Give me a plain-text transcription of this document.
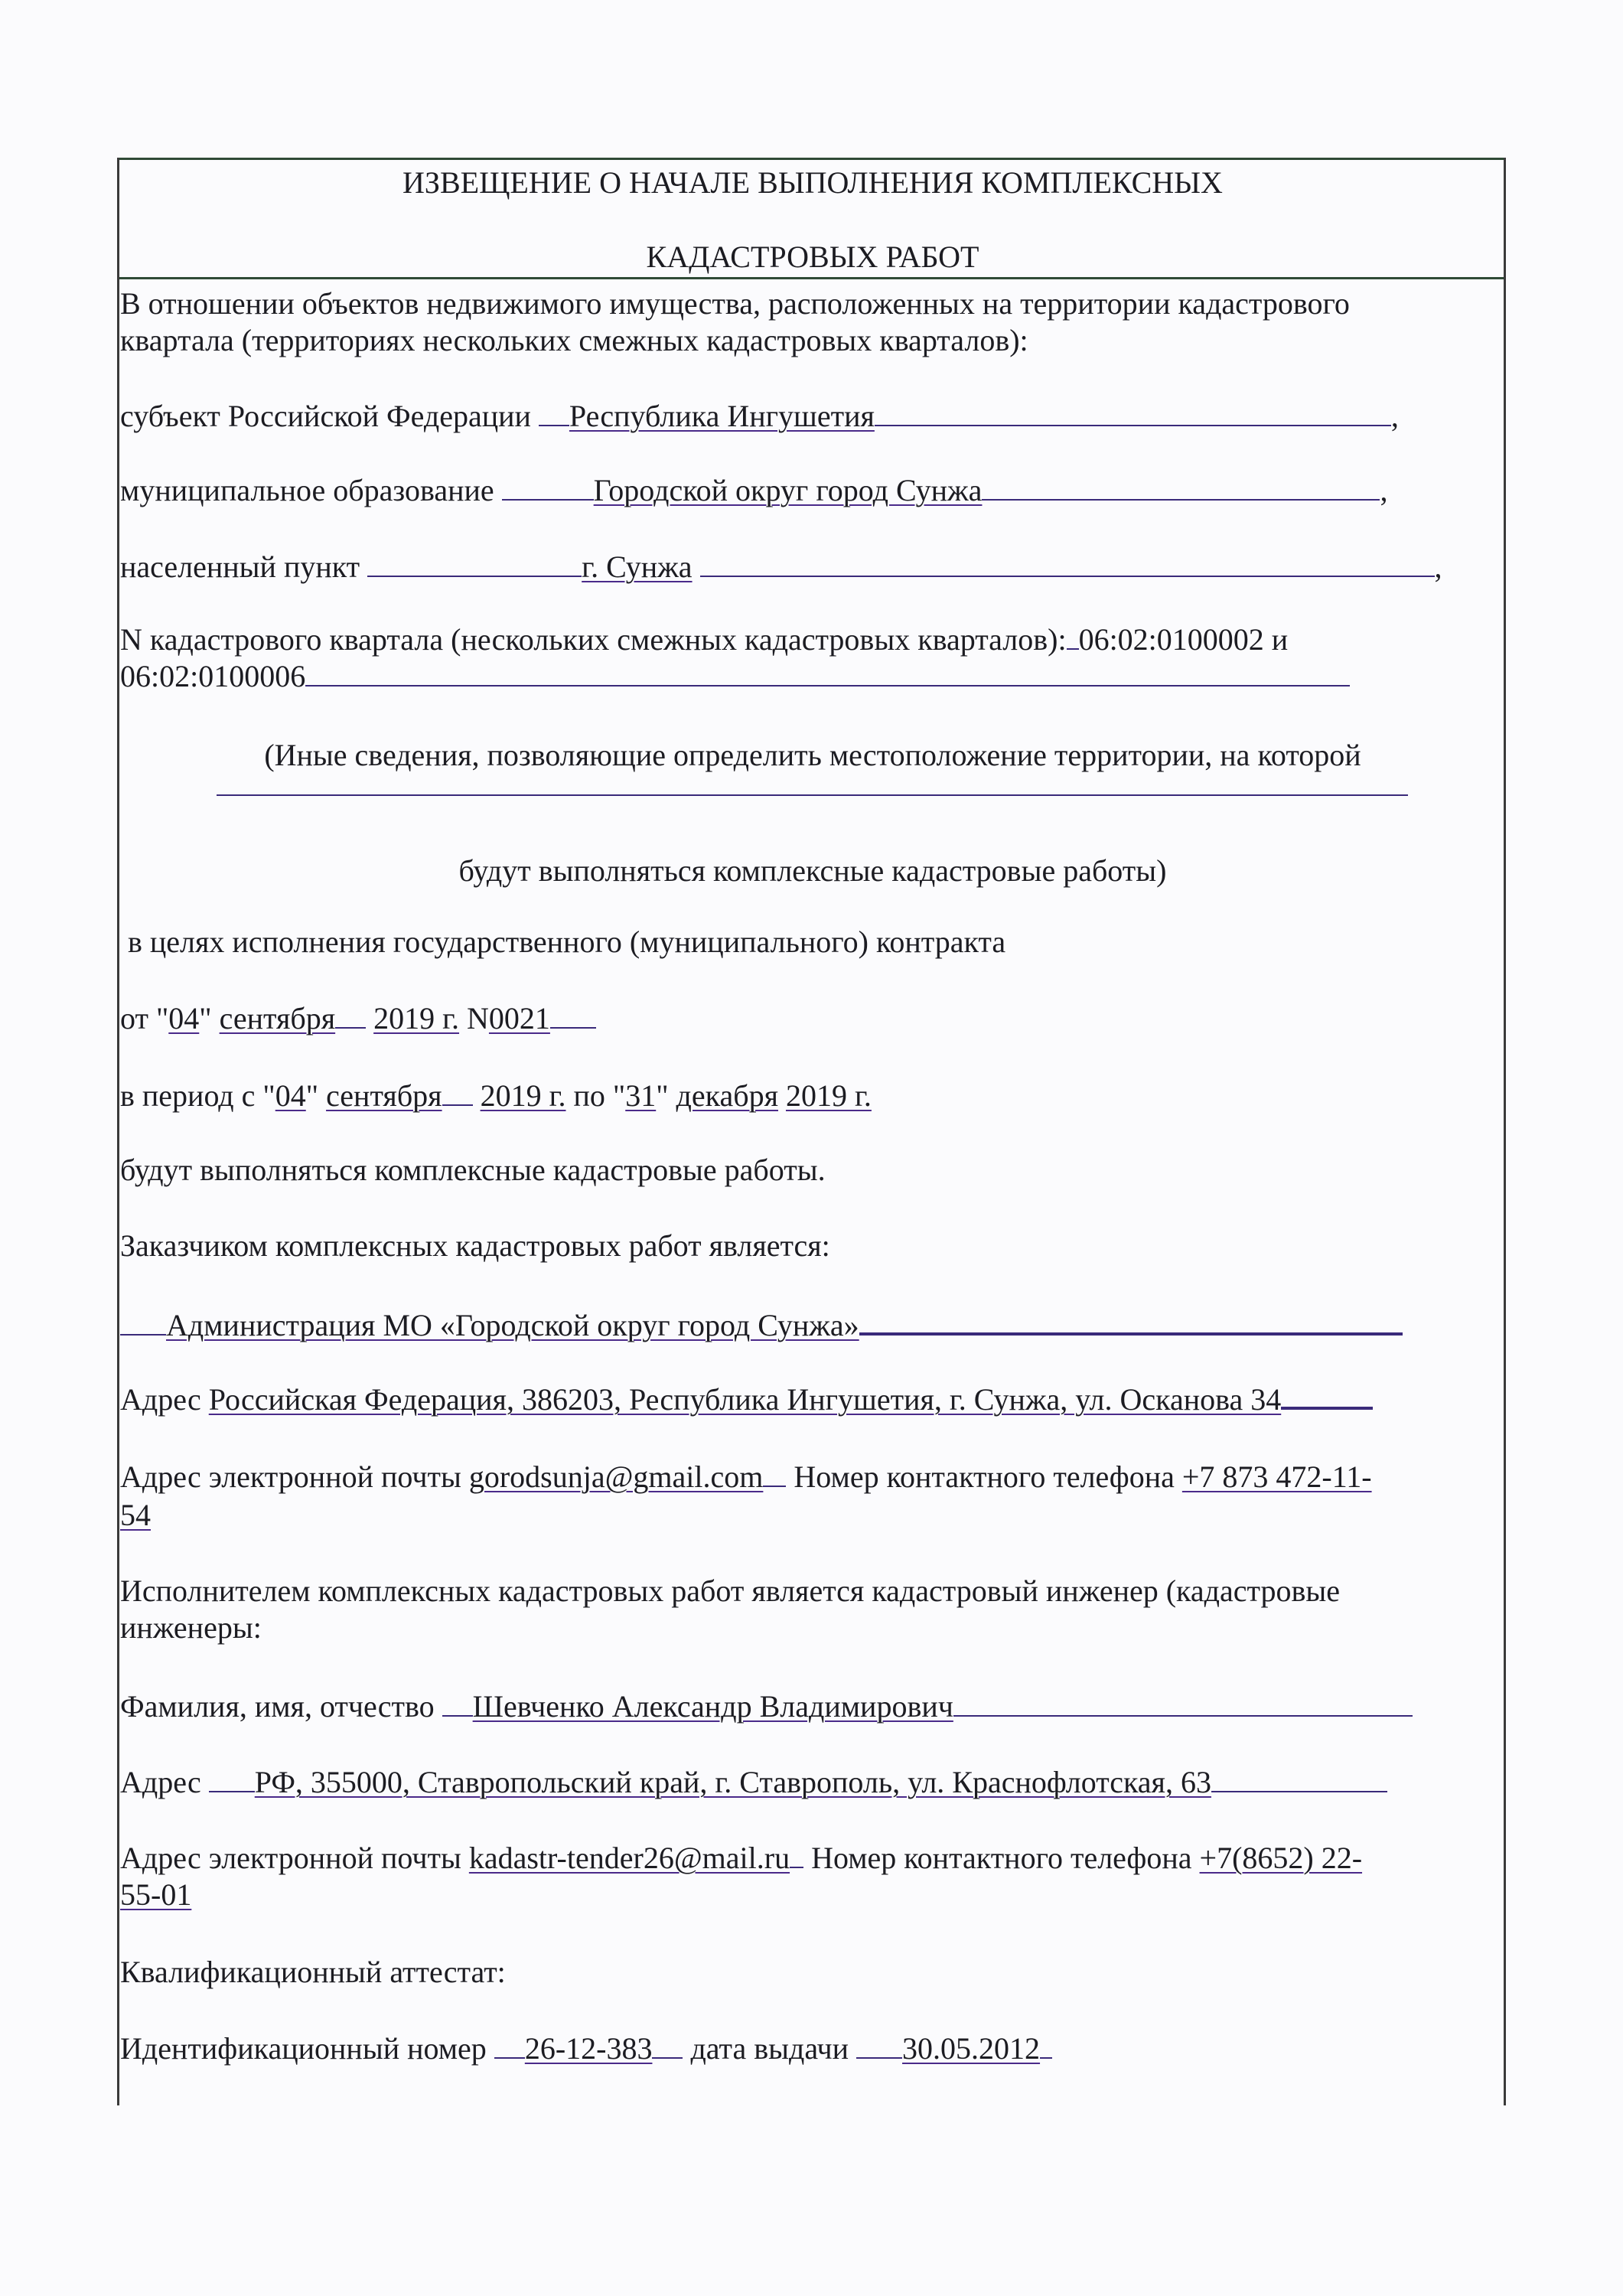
ИЗВЕЩЕНИЕ О НАЧАЛЕ ВЫПОЛНЕНИЯ КОМПЛЕКСНЫХ
КАДАСТРОВЫХ РАБОТ
В отношении объектов недвижимого имущества, расположенных на территории кадастрового
квартала (территориях нескольких смежных кадастровых кварталов):
субъект Российской Федерации Республика Ингушетия	,
муниципальное образование	Городской округ город Сунжа	,
населенный пункт	г. Сунжа	,
N кадастрового квартала (нескольких смежных кадастровых кварталов): 06:02:0100002 и
06:02:0100006
(Иные сведения, позволяющие определить местоположение территории, на которой
будут выполняться комплексные кадастровые работы)
в целях исполнения государственного (муниципального) контракта
от "04" сентября 2019 г. N0021
в период с "04" сентября 2019 г. по "31" декабря 2019 г.
будут выполняться комплексные кадастровые работы.
Заказчиком комплексных кадастровых работ является:
Администрация МО «Городской округ город Сунжа»
Адрес Российская Федерация, 386203, Республика Ингушетия, г. Сунжа, ул. Осканова 34
Адрес электронной почты gorodsunja@gmail.com Номер контактного телефона +7 873 472-11-
54
Исполнителем комплексных кадастровых работ является кадастровый инженер (кадастровые
инженеры:
Фамилия, имя, отчество Шевченко Александр Владимирович
Адрес РФ, 355000, Ставропольский край, г. Ставрополь, ул. Краснофлотская, 63
Адрес электронной почты kadastr-tender26@mail.ru Номер контактного телефона +7(8652) 22-
55-01
Квалификационный аттестат:
Идентификационный номер 26-12-383 дата выдачи 30.05.2012
